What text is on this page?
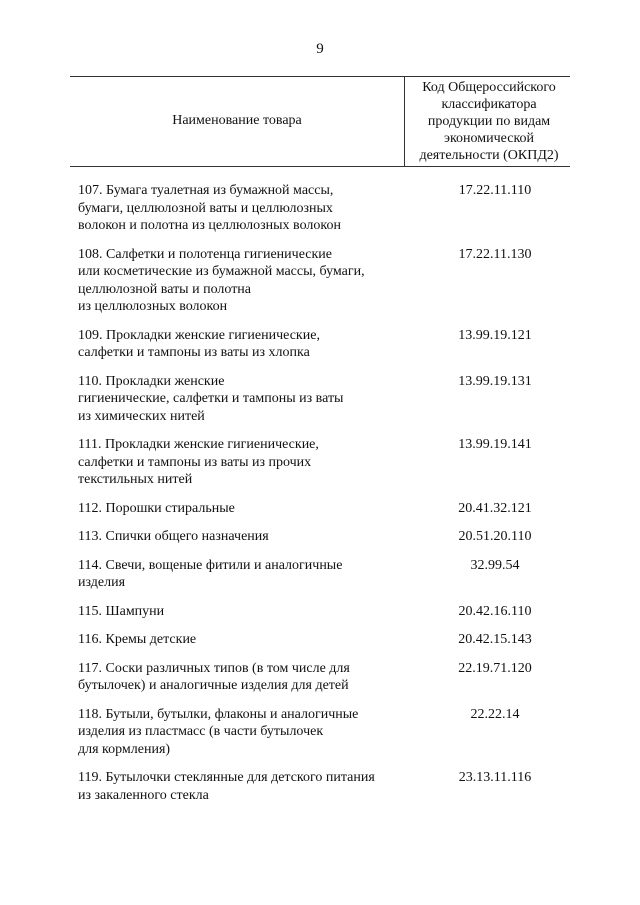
9
Наименование товара
Код Общероссийского
классификатора
продукции по видам
экономической
деятельности (ОКПД2)
107. Бумага туалетная из бумажной массы,
бумаги, целлюлозной ваты и целлюлозных
волокон и полотна из целлюлозных волокон
17.22.11.110
108. Салфетки и полотенца гигиенические
или косметические из бумажной массы, бумаги,
целлюлозной ваты и полотна
из целлюлозных волокон
17.22.11.130
109. Прокладки женские гигиенические,
салфетки и тампоны из ваты из хлопка
13.99.19.121
110. Прокладки женские
гигиенические, салфетки и тампоны из ваты
из химических нитей
13.99.19.131
111. Прокладки женские гигиенические,
салфетки и тампоны из ваты из прочих
текстильных нитей
13.99.19.141
112. Порошки стиральные	20.41.32.121
113. Спички общего назначения	20.51.20.110
114. Свечи, вощеные фитили и аналогичные
изделия
32.99.54
115. Шампуни	20.42.16.110
116. Кремы детские	20.42.15.143
117. Соски различных типов (в том числе для
бутылочек) и аналогичные изделия для детей
22.19.71.120
118. Бутыли, бутылки, флаконы и аналогичные
изделия из пластмасс (в части бутылочек
для кормления)
22.22.14
119. Бутылочки стеклянные для детского питания
из закаленного стекла
23.13.11.116
